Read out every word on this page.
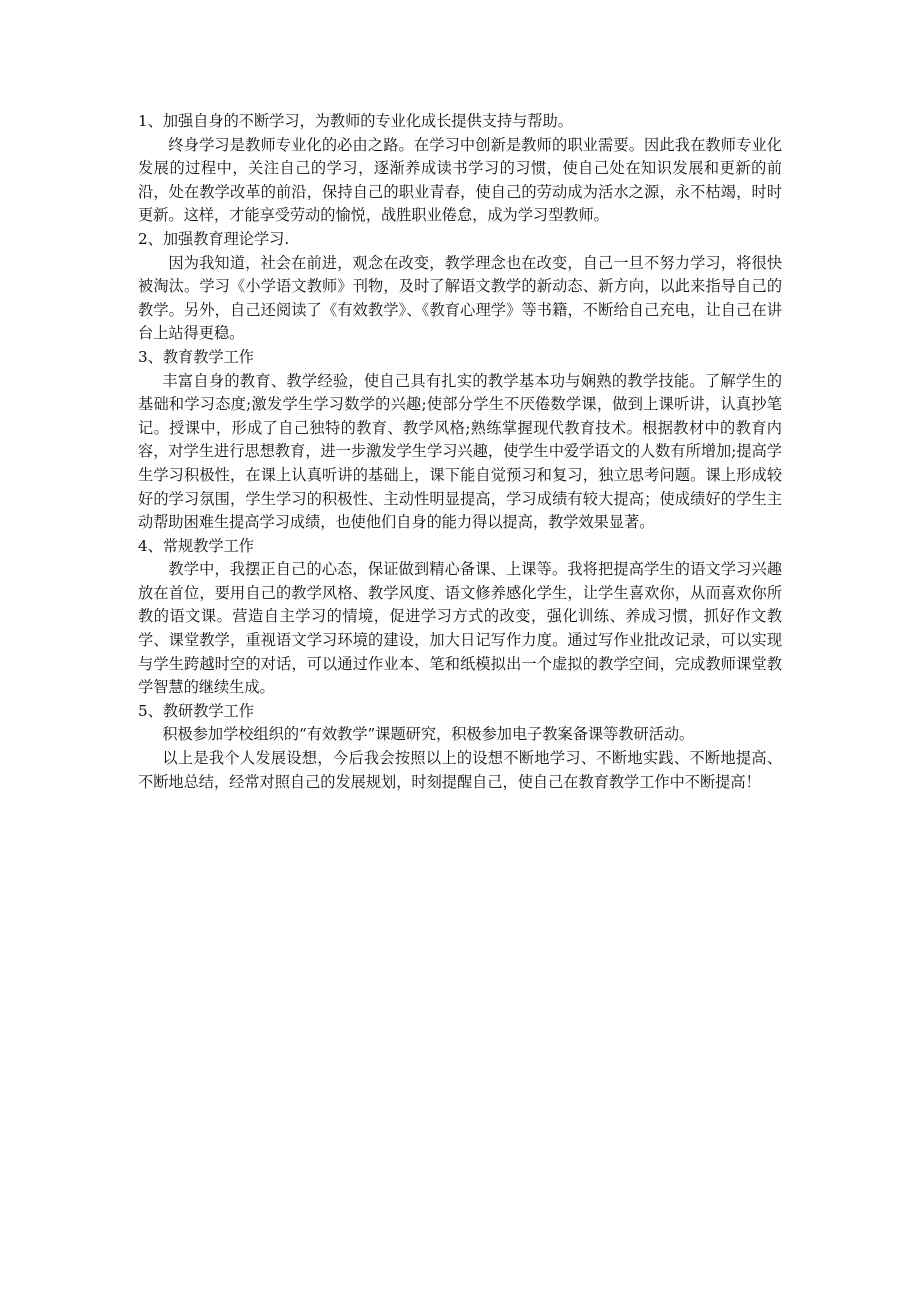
1、加强自身的不断学习，为教师的专业化成长提供支持与帮助。

终身学习是教师专业化的必由之路。在学习中创新是教师的职业需要。因此我在教师专业化发展的过程中，关注自己的学习，逐渐养成读书学习的习惯，使自己处在知识发展和更新的前沿，处在教学改革的前沿，保持自己的职业青春，使自己的劳动成为活水之源，永不枯竭，时时更新。这样，才能享受劳动的愉悦，战胜职业倦怠，成为学习型教师。

2、加强教育理论学习.

因为我知道，社会在前进，观念在改变，教学理念也在改变，自己一旦不努力学习，将很快被淘汰。学习《小学语文教师》刊物，及时了解语文教学的新动态、新方向，以此来指导自己的教学。另外，自己还阅读了《有效教学》、《教育心理学》等书籍，不断给自己充电，让自己在讲台上站得更稳。

3、教育教学工作

丰富自身的教育、教学经验，使自己具有扎实的教学基本功与娴熟的教学技能。了解学生的基础和学习态度;激发学生学习数学的兴趣;使部分学生不厌倦数学课，做到上课听讲，认真抄笔记。授课中，形成了自己独特的教育、教学风格;熟练掌握现代教育技术。根据教材中的教育内容，对学生进行思想教育，进一步激发学生学习兴趣，使学生中爱学语文的人数有所增加;提高学生学习积极性，在课上认真听讲的基础上，课下能自觉预习和复习，独立思考问题。课上形成较好的学习氛围，学生学习的积极性、主动性明显提高，学习成绩有较大提高；使成绩好的学生主动帮助困难生提高学习成绩，也使他们自身的能力得以提高，教学效果显著。

4、常规教学工作

教学中，我摆正自己的心态，保证做到精心备课、上课等。我将把提高学生的语文学习兴趣放在首位，要用自己的教学风格、教学风度、语文修养感化学生，让学生喜欢你，从而喜欢你所教的语文课。营造自主学习的情境，促进学习方式的改变，强化训练、养成习惯，抓好作文教学、课堂教学，重视语文学习环境的建设，加大日记写作力度。通过写作业批改记录，可以实现与学生跨越时空的对话，可以通过作业本、笔和纸模拟出一个虚拟的教学空间，完成教师课堂教学智慧的继续生成。

5、教研教学工作

积极参加学校组织的“有效教学”课题研究，积极参加电子教案备课等教研活动。

以上是我个人发展设想，今后我会按照以上的设想不断地学习、不断地实践、不断地提高、不断地总结，经常对照自己的发展规划，时刻提醒自己，使自己在教育教学工作中不断提高！
